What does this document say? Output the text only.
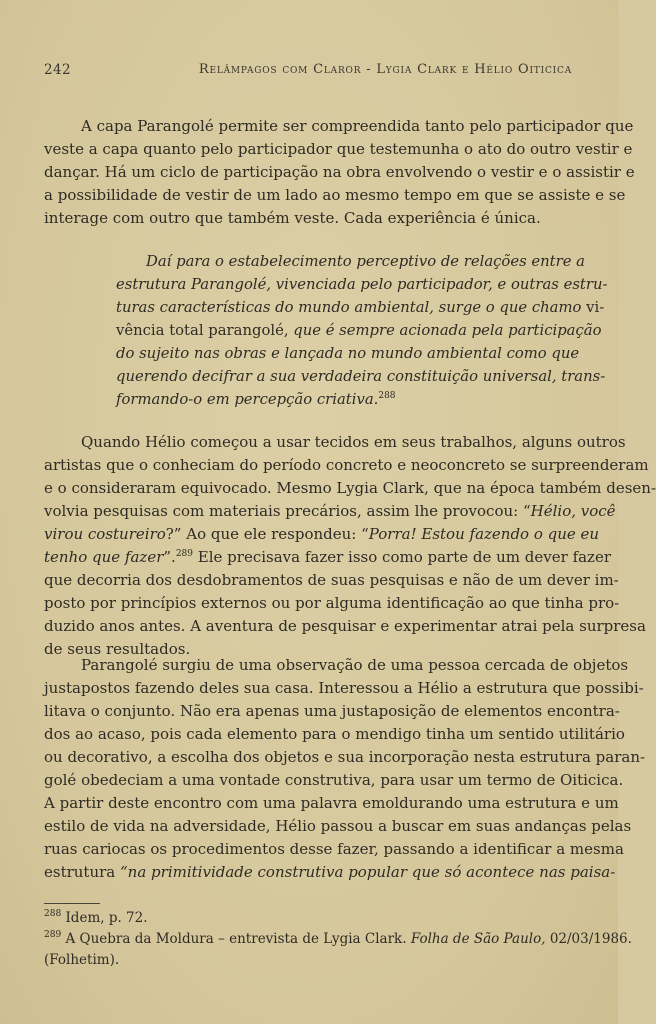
242	Relâmpagos com Claror - Lygia Clark e Hélio Oiticica
A capa Parangolé permite ser compreendida tanto pelo participador que
veste a capa quanto pelo participador que testemunha o ato do outro vestir e
dançar. Há um ciclo de participação na obra envolvendo o vestir e o assistir e
a possibilidade de vestir de um lado ao mesmo tempo em que se assiste e se
interage com outro que também veste. Cada experiência é única.
Daí para o estabelecimento perceptivo de relações entre a
estrutura Parangolé, vivenciada pelo participador, e outras estru-
turas características do mundo ambiental, surge o que chamo vi-
vência total parangolé, que é sempre acionada pela participação
do sujeito nas obras e lançada no mundo ambiental como que
querendo decifrar a sua verdadeira constituição universal, trans-
formando-o em percepção criativa.$^{288}$
Quando Hélio começou a usar tecidos em seus trabalhos, alguns outros
artistas que o conheciam do período concreto e neoconcreto se surpreenderam
e o consideraram equivocado. Mesmo Lygia Clark, que na época também desen-
volvia pesquisas com materiais precários, assim lhe provocou: “Hélio, você
virou costureiro?” Ao que ele respondeu: “Porra! Estou fazendo o que eu
tenho que fazer”.$^{289}$ Ele precisava fazer isso como parte de um dever fazer
que decorria dos desdobramentos de suas pesquisas e não de um dever im-
posto por princípios externos ou por alguma identificação ao que tinha pro-
duzido anos antes. A aventura de pesquisar e experimentar atrai pela surpresa
de seus resultados.
Parangolé surgiu de uma observação de uma pessoa cercada de objetos
justapostos fazendo deles sua casa. Interessou a Hélio a estrutura que possibi-
litava o conjunto. Não era apenas uma justaposição de elementos encontra-
dos ao acaso, pois cada elemento para o mendigo tinha um sentido utilitário
ou decorativo, a escolha dos objetos e sua incorporação nesta estrutura paran-
golé obedeciam a uma vontade construtiva, para usar um termo de Oiticica.
A partir deste encontro com uma palavra emoldurando uma estrutura e um
estilo de vida na adversidade, Hélio passou a buscar em suas andanças pelas
ruas cariocas os procedimentos desse fazer, passando a identificar a mesma
estrutura “na primitividade construtiva popular que só acontece nas paisa-
$^{288}$ Idem, p. 72.
$^{289}$ A Quebra da Moldura – entrevista de Lygia Clark. Folha de São Paulo, 02/03/1986.
(Folhetim).
